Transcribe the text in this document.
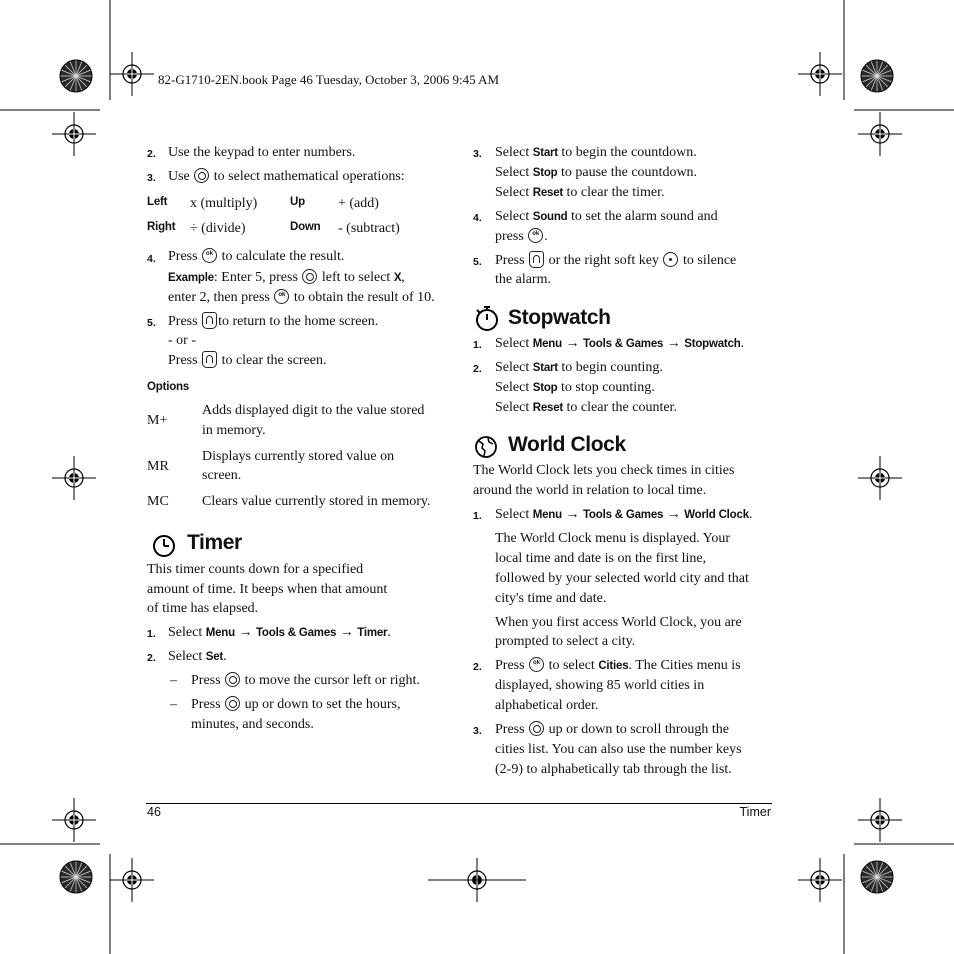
82-G1710-2EN.book Page 46 Tuesday, October 3, 2006 9:45 AM
2. Use the keypad to enter numbers.
3. Use to select mathematical operations:
Left x (multiply)	Up + (add)
Right ÷ (divide)	Down - (subtract)
4. Press ok to calculate the result.
Example: Enter 5, press left to select X,
enter 2, then press ok to obtain the result of 10.
5. Press to return to the home screen.
- or -
Press to clear the screen.
Options
M+
Adds displayed digit to the value stored
in memory.
MR
Displays currently stored value on
screen.
MC Clears value currently stored in memory.
Timer
This timer counts down for a specified
amount of time. It beeps when that amount
of time has elapsed.
1. Select Menu → Tools & Games → Timer.
2. Select Set.
– Press to move the cursor left or right.
– Press up or down to set the hours,
minutes, and seconds.
3. Select Start to begin the countdown.
Select Stop to pause the countdown.
Select Reset to clear the timer.
4. Select Sound to set the alarm sound and
press ok .
5. Press or the right soft key to silence
the alarm.
Stopwatch
1. Select Menu → Tools & Games → Stopwatch.
2. Select Start to begin counting.
Select Stop to stop counting.
Select Reset to clear the counter.
World Clock
The World Clock lets you check times in cities
around the world in relation to local time.
1. Select Menu → Tools & Games → World Clock.
The World Clock menu is displayed. Your
local time and date is on the first line,
followed by your selected world city and that
city's time and date.
When you first access World Clock, you are
prompted to select a city.
2. Press ok to select Cities. The Cities menu is
displayed, showing 85 world cities in
alphabetical order.
3. Press up or down to scroll through the
cities list. You can also use the number keys
(2-9) to alphabetically tab through the list.
46	Timer
